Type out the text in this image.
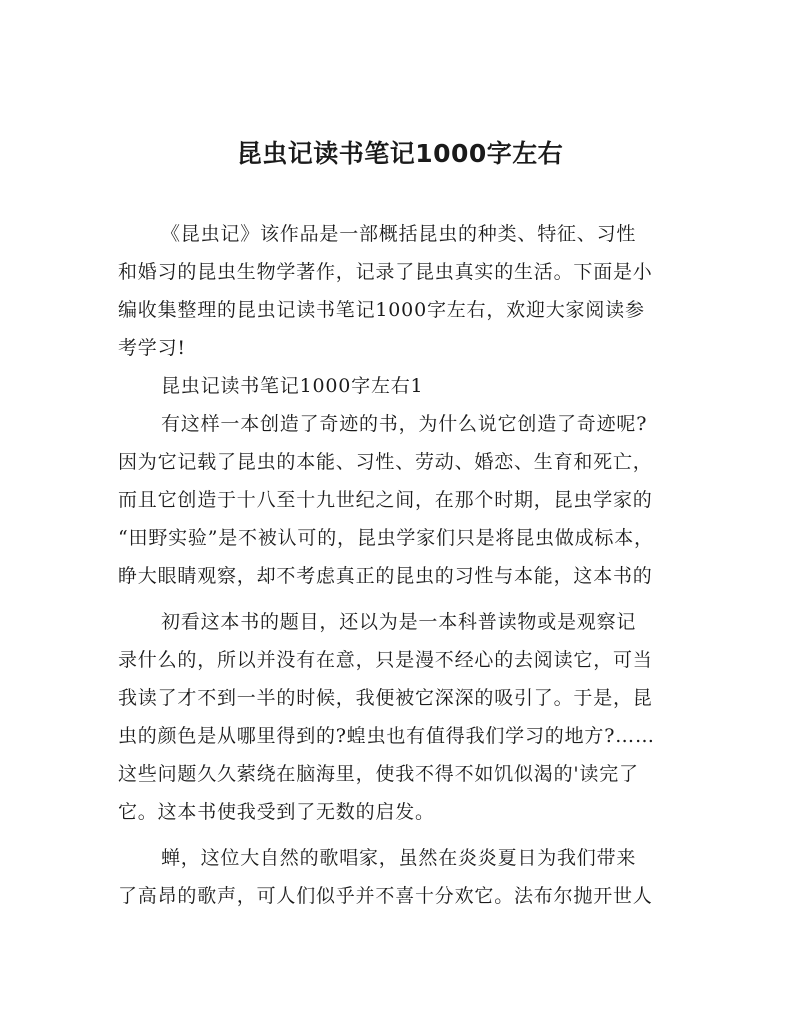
昆虫记读书笔记1000字左右
《昆虫记》该作品是一部概括昆虫的种类、特征、习性
和婚习的昆虫生物学著作，记录了昆虫真实的生活。下面是小
编收集整理的昆虫记读书笔记1000字左右，欢迎大家阅读参
考学习!
昆虫记读书笔记1000字左右1
有这样一本创造了奇迹的书，为什么说它创造了奇迹呢?
因为它记载了昆虫的本能、习性、劳动、婚恋、生育和死亡，
而且它创造于十八至十九世纪之间，在那个时期，昆虫学家的
“田野实验”是不被认可的，昆虫学家们只是将昆虫做成标本，
睁大眼睛观察，却不考虑真正的昆虫的习性与本能，这本书的
初看这本书的题目，还以为是一本科普读物或是观察记
录什么的，所以并没有在意，只是漫不经心的去阅读它，可当
我读了才不到一半的时候，我便被它深深的吸引了。于是，昆
虫的颜色是从哪里得到的?蝗虫也有值得我们学习的地方?……
这些问题久久萦绕在脑海里，使我不得不如饥似渴的'读完了
它。这本书使我受到了无数的启发。
蝉，这位大自然的歌唱家，虽然在炎炎夏日为我们带来
了高昂的歌声，可人们似乎并不喜十分欢它。法布尔抛开世人
